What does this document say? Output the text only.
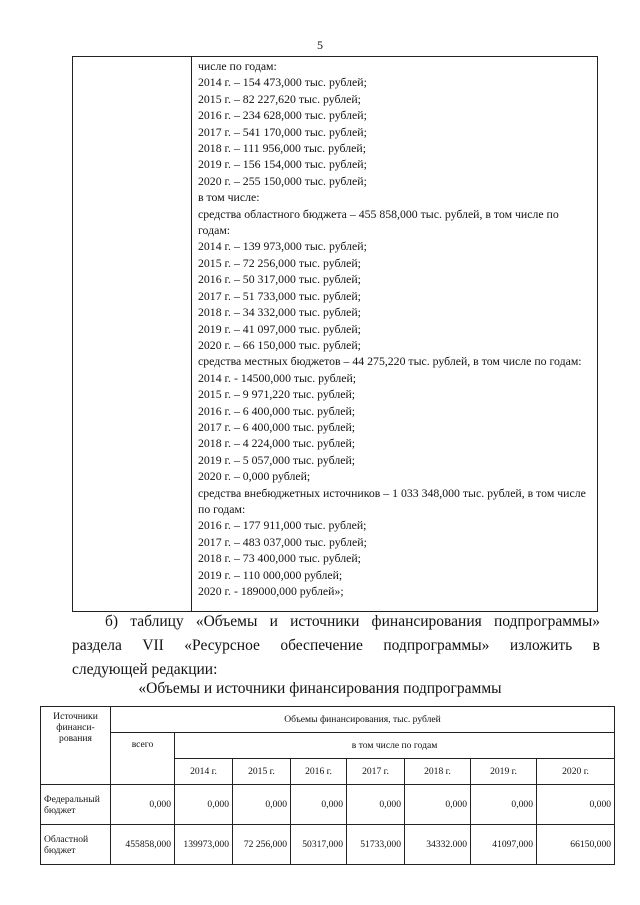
5
числе по годам:
2014 г. – 154 473,000 тыс. рублей;
2015 г. – 82 227,620 тыс. рублей;
2016 г. – 234 628,000 тыс. рублей;
2017 г. – 541 170,000 тыс. рублей;
2018 г. – 111 956,000 тыс. рублей;
2019 г. – 156 154,000 тыс. рублей;
2020 г. – 255 150,000 тыс. рублей;
в том числе:
средства областного бюджета – 455 858,000 тыс. рублей, в том числе по годам:
2014 г. – 139 973,000 тыс. рублей;
2015 г. – 72 256,000 тыс. рублей;
2016 г. – 50 317,000 тыс. рублей;
2017 г. – 51 733,000 тыс. рублей;
2018 г. – 34 332,000 тыс. рублей;
2019 г. – 41 097,000 тыс. рублей;
2020 г. – 66 150,000 тыс. рублей;
средства местных бюджетов – 44 275,220 тыс. рублей, в том числе по годам:
2014 г. - 14500,000 тыс. рублей;
2015 г. – 9 971,220 тыс. рублей;
2016 г. – 6 400,000 тыс. рублей;
2017 г. – 6 400,000 тыс. рублей;
2018 г. – 4 224,000 тыс. рублей;
2019 г. – 5 057,000 тыс. рублей;
2020 г. – 0,000 рублей;
средства внебюджетных источников – 1 033 348,000 тыс. рублей, в том числе по годам:
2016 г. – 177 911,000 тыс. рублей;
2017 г. – 483 037,000 тыс. рублей;
2018 г. – 73 400,000 тыс. рублей;
2019 г. – 110 000,000 рублей;
2020 г. - 189000,000 рублей»;
б) таблицу «Объемы и источники финансирования подпрограммы»
раздела VII «Ресурсное обеспечение подпрограммы» изложить в
следующей редакции:
«Объемы и источники финансирования подпрограммы
Источники финанси-рования	Объемы финансирования, тыс. рублей							
	всего	в том числе по годам						
		2014 г.	2015 г.	2016 г.	2017 г.	2018 г.	2019 г.	2020 г.
Федеральный бюджет	0,000	0,000	0,000	0,000	0,000	0,000	0,000	0,000
Областной бюджет	455858,000	139973,000	72 256,000	50317,000	51733,000	34332.000	41097,000	66150,000
